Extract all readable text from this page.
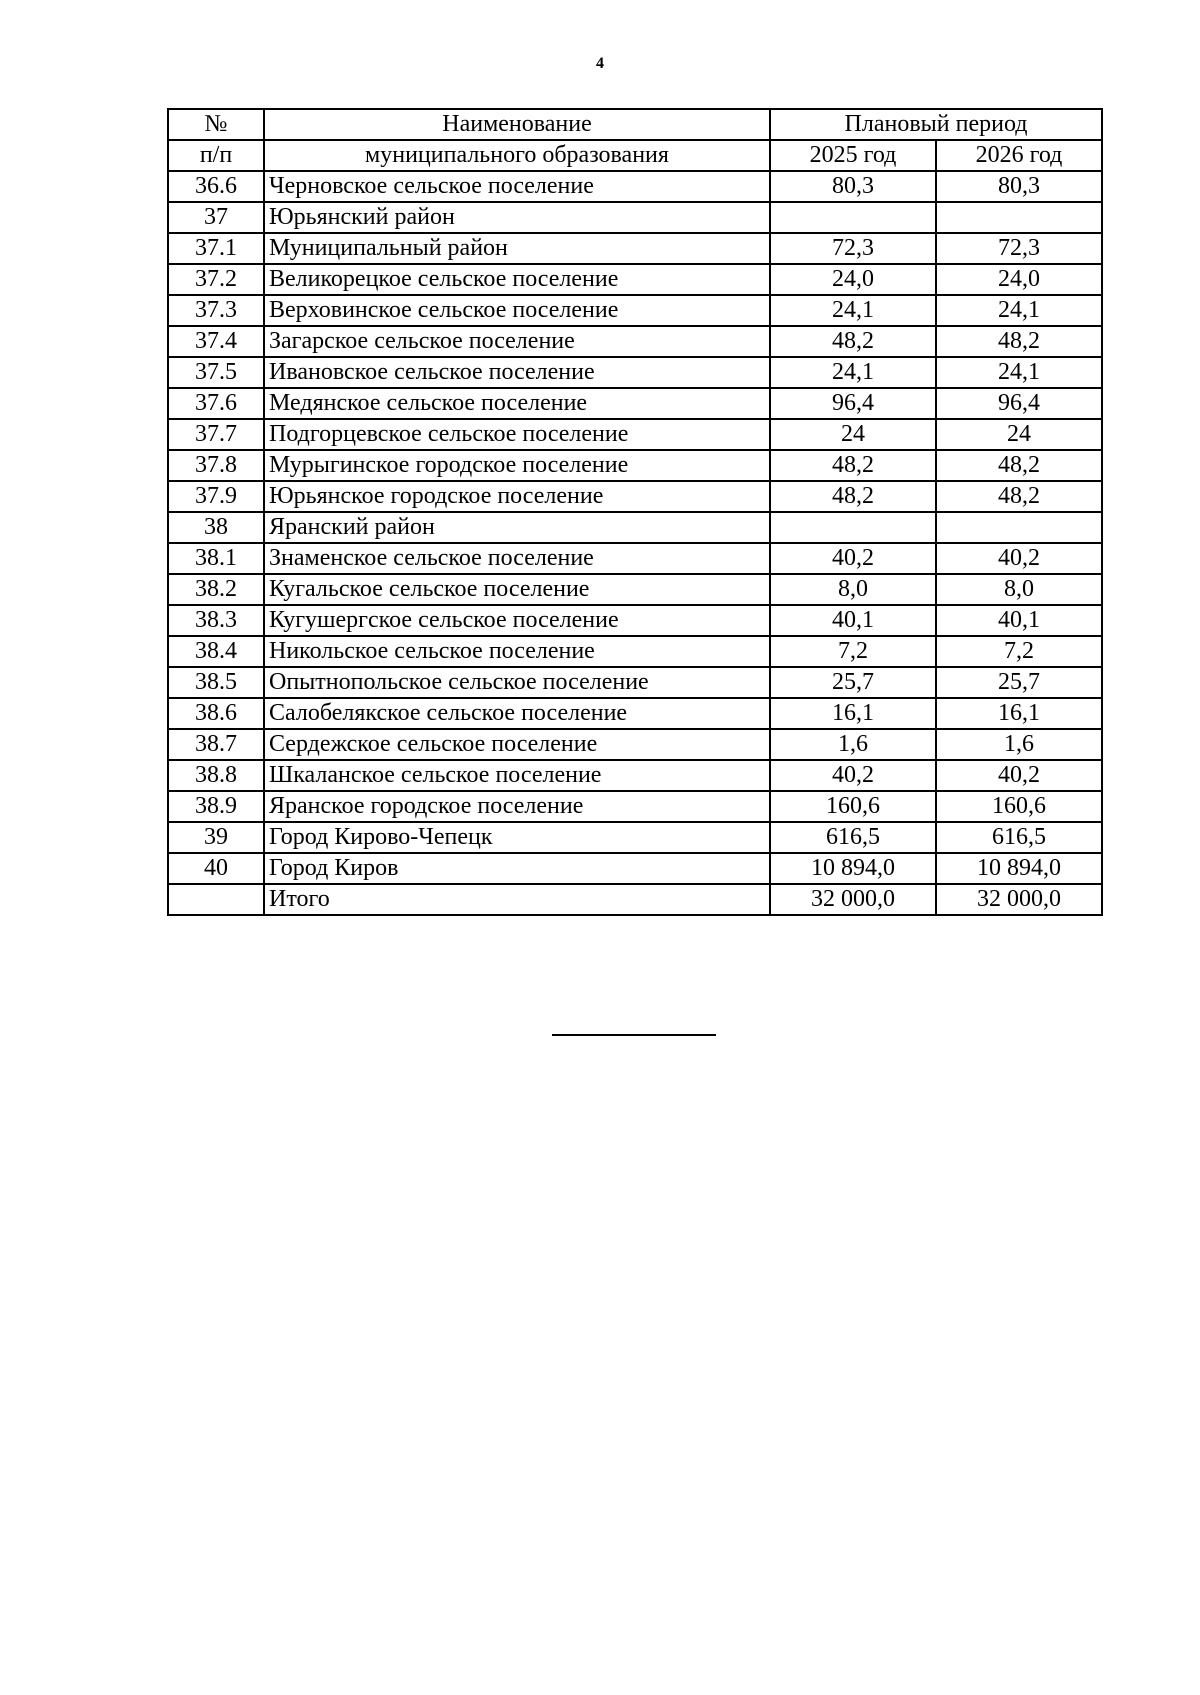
4
№	Наименование	Плановый период	
п/п	муниципального образования	2025 год	2026 год
36.6	Черновское сельское поселение	80,3	80,3
37	Юрьянский район		
37.1	Муниципальный район	72,3	72,3
37.2	Великорецкое сельское поселение	24,0	24,0
37.3	Верховинское сельское поселение	24,1	24,1
37.4	Загарское сельское поселение	48,2	48,2
37.5	Ивановское сельское поселение	24,1	24,1
37.6	Медянское сельское поселение	96,4	96,4
37.7	Подгорцевское сельское поселение	24	24
37.8	Мурыгинское городское поселение	48,2	48,2
37.9	Юрьянское городское поселение	48,2	48,2
38	Яранский район		
38.1	Знаменское сельское поселение	40,2	40,2
38.2	Кугальское сельское поселение	8,0	8,0
38.3	Кугушергское сельское поселение	40,1	40,1
38.4	Никольское сельское поселение	7,2	7,2
38.5	Опытнопольское сельское поселение	25,7	25,7
38.6	Салобелякское сельское поселение	16,1	16,1
38.7	Сердежское сельское поселение	1,6	1,6
38.8	Шкаланское сельское поселение	40,2	40,2
38.9	Яранское городское поселение	160,6	160,6
39	Город Кирово-Чепецк	616,5	616,5
40	Город Киров	10 894,0	10 894,0
	Итого	32 000,0	32 000,0
